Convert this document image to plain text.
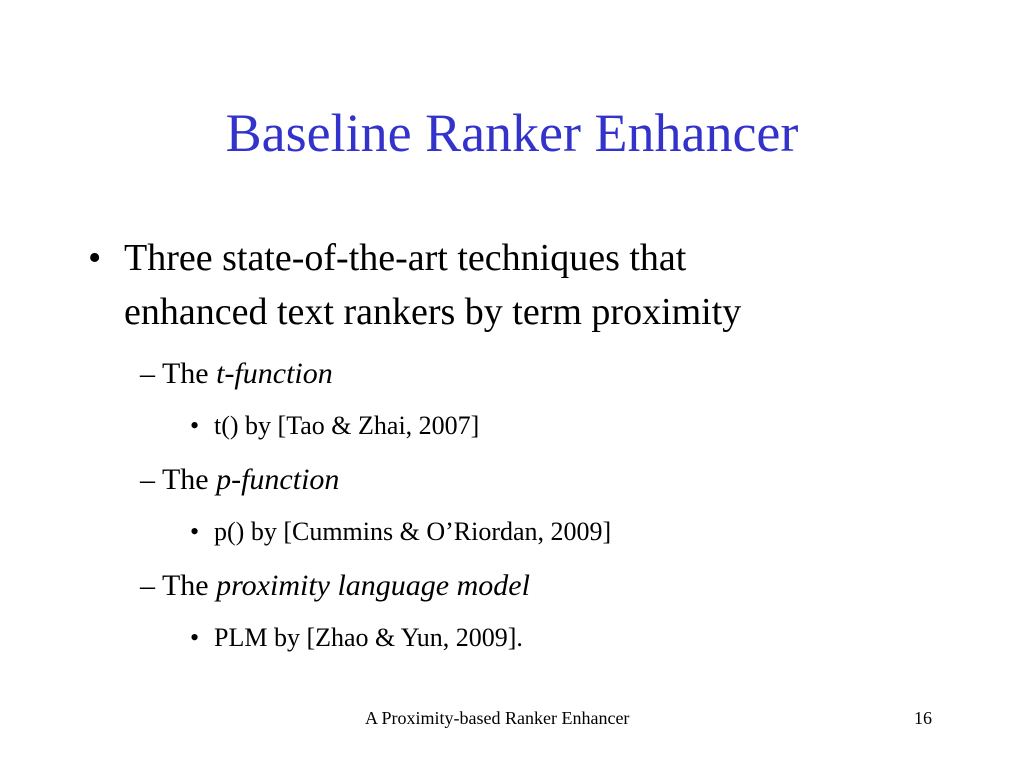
Baseline Ranker Enhancer
• Three state-of-the-art techniques that
enhanced text rankers by term proximity
– The t-function
• t() by [Tao & Zhai, 2007]
– The p-function
• p() by [Cummins & O’Riordan, 2009]
– The proximity language model
• PLM by [Zhao & Yun, 2009].
A Proximity-based Ranker Enhancer	16
